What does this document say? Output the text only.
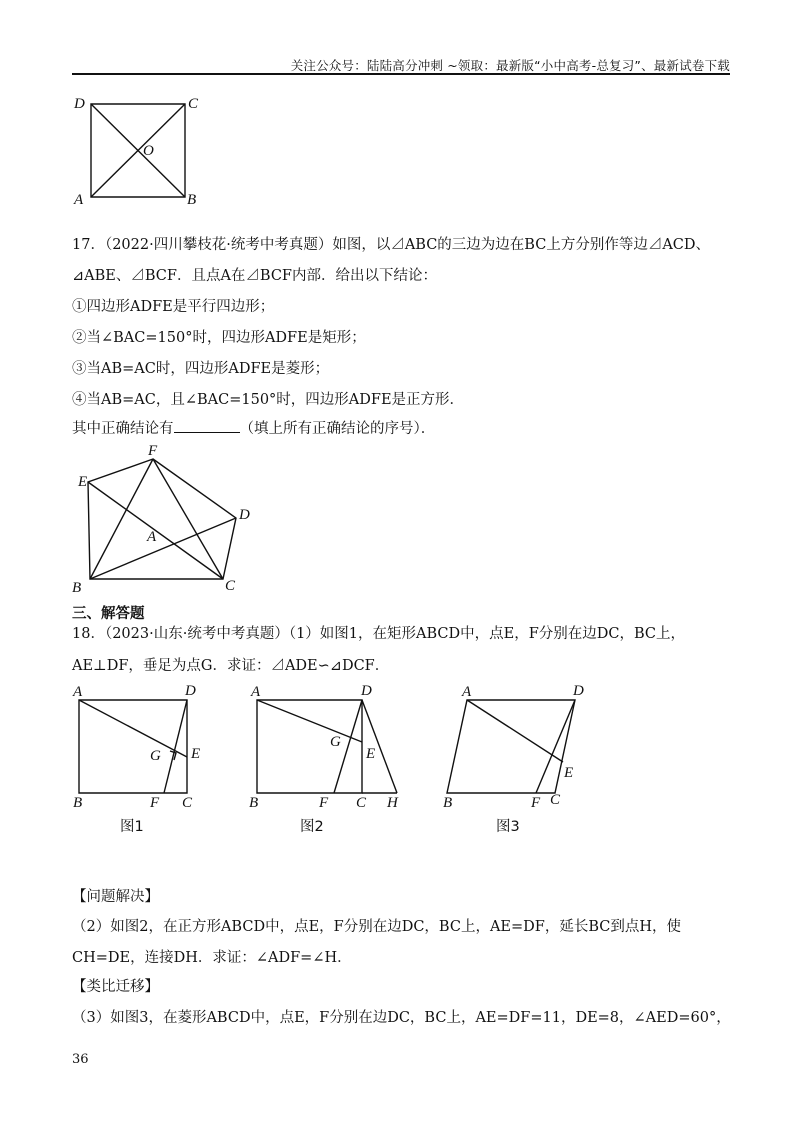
关注公众号：陆陆高分冲刺 ~领取：最新版“小中高考-总复习”、最新试卷下载
D	C
O
A	B
17．（2022·四川攀枝花·统考中考真题）如图，以⊿ABC的三边为边在BC上方分别作等边⊿ACD、
⊿ABE、⊿BCF．且点A在⊿BCF内部．给出以下结论：
①四边形ADFE是平行四边形；
②当∠BAC=150°时，四边形ADFE是矩形；
③当AB=AC时，四边形ADFE是菱形；
④当AB=AC，且∠BAC=150°时，四边形ADFE是正方形．
其中正确结论有	（填上所有正确结论的序号）．
F
E
D
A
B	C
三、解答题
18．（2023·山东·统考中考真题）（1）如图1，在矩形ABCD中，点E，F分别在边DC，BC上，
AE⊥DF，垂足为点G．求证：⊿ADE∽⊿DCF．
A	D
G E
B	F C
图1
A	D
G
E
B	F C H
图2
A	D
E
B	F C
图3
【问题解决】
（2）如图2，在正方形ABCD中，点E，F分别在边DC，BC上，AE=DF，延长BC到点H，使
CH=DE，连接DH．求证：∠ADF=∠H．
【类比迁移】
（3）如图3，在菱形ABCD中，点E，F分别在边DC，BC上，AE=DF=11，DE=8，∠AED=60°，
36
